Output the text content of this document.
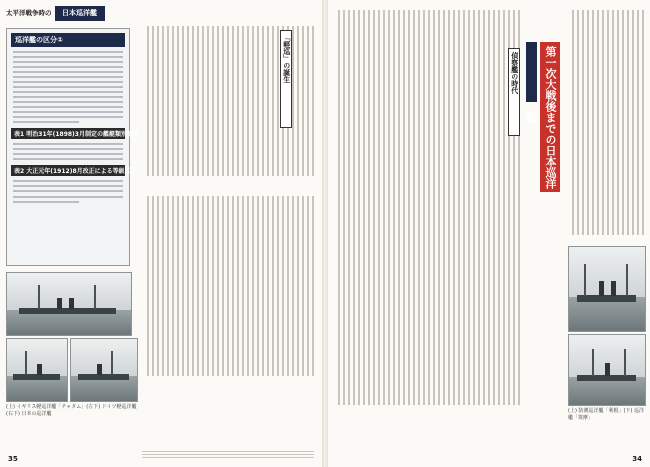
太平洋戦争時の	日本巡洋艦
巡洋艦の区分①
表1 明治31年(1898)3月制定の艦艇類別標準
表2 大正元年(1912)8月改正による等級区分
「軽巡」の誕生
(上) イギリス軽巡洋艦「チャタム」(左下) ドイツ軽巡洋艦 (右下) 日本の巡洋艦
35
偵察艦の時代	第一次大戦後までの日本巡洋艦
(上) 防護巡洋艦「利根」(下) 巡洋艦「筑摩」
34
